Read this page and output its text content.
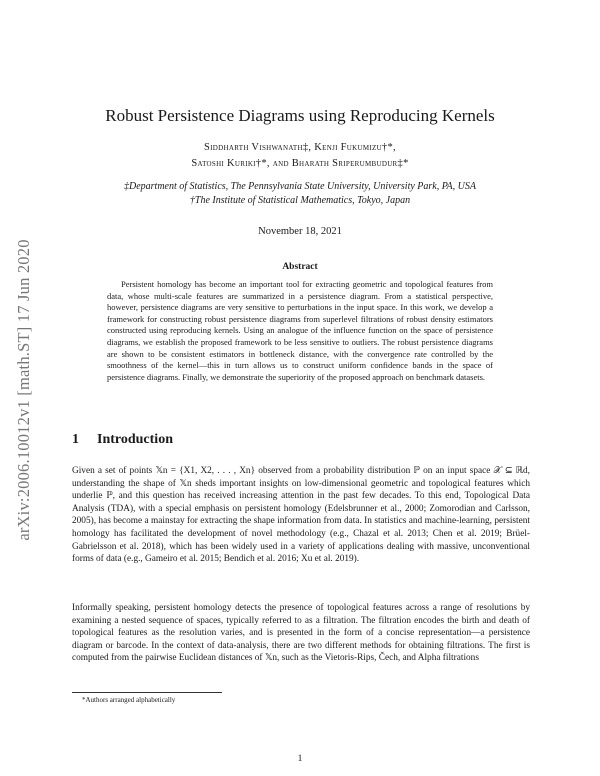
arXiv:2006.10012v1 [math.ST] 17 Jun 2020
Robust Persistence Diagrams using Reproducing Kernels
Siddharth Vishwanath‡, Kenji Fukumizu†*,
Satoshi Kuriki†*, and Bharath Sriperumbudur‡*
‡Department of Statistics, The Pennsylvania State University, University Park, PA, USA
†The Institute of Statistical Mathematics, Tokyo, Japan
November 18, 2021
Abstract
Persistent homology has become an important tool for extracting geometric and topological features from data, whose multi-scale features are summarized in a persistence diagram. From a statistical perspective, however, persistence diagrams are very sensitive to perturbations in the input space. In this work, we develop a framework for constructing robust persistence diagrams from superlevel filtrations of robust density estimators constructed using reproducing kernels. Using an analogue of the influence function on the space of persistence diagrams, we establish the proposed framework to be less sensitive to outliers. The robust persistence diagrams are shown to be consistent estimators in bottleneck distance, with the convergence rate controlled by the smoothness of the kernel—this in turn allows us to construct uniform confidence bands in the space of persistence diagrams. Finally, we demonstrate the superiority of the proposed approach on benchmark datasets.
1 Introduction

Given a set of points 𝕏n = {X1, X2, . . . , Xn} observed from a probability distribution ℙ on an input space 𝒳 ⊆ ℝd, understanding the shape of 𝕏n sheds important insights on low-dimensional geometric and topological features which underlie ℙ, and this question has received increasing attention in the past few decades. To this end, Topological Data Analysis (TDA), with a special emphasis on persistent homology (Edelsbrunner et al., 2000; Zomorodian and Carlsson, 2005), has become a mainstay for extracting the shape information from data. In statistics and machine-learning, persistent homology has facilitated the development of novel methodology (e.g., Chazal et al. 2013; Chen et al. 2019; Brüel-Gabrielsson et al. 2018), which has been widely used in a variety of applications dealing with massive, unconventional forms of data (e.g., Gameiro et al. 2015; Bendich et al. 2016; Xu et al. 2019).

Informally speaking, persistent homology detects the presence of topological features across a range of resolutions by examining a nested sequence of spaces, typically referred to as a filtration. The filtration encodes the birth and death of topological features as the resolution varies, and is presented in the form of a concise representation—a persistence diagram or barcode. In the context of data-analysis, there are two different methods for obtaining filtrations. The first is computed from the pairwise Euclidean distances of 𝕏n, such as the Vietoris-Rips, Čech, and Alpha filtrations

*Authors arranged alphabetically
1
